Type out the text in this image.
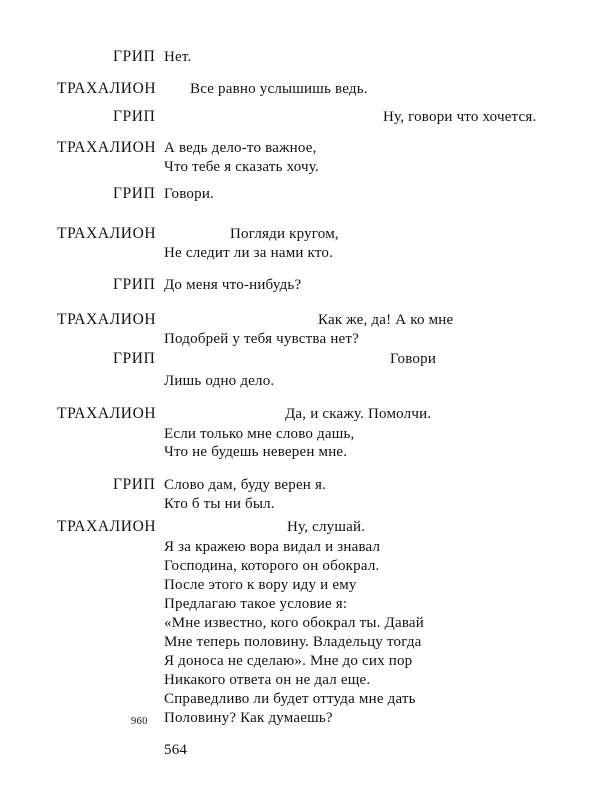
ГРИП
ТРАХАЛИОН
ГРИП
ТРАХАЛИОН
ГРИП
ТРАХАЛИОН
ГРИП
ТРАХАЛИОН
ГРИП
ТРАХАЛИОН
ГРИП
ТРАХАЛИОН
Нет.
Все равно услышишь ведь.
Ну, говори что хочется.
А ведь дело-то важное,
Что тебе я сказать хочу.
Говори.
Погляди кругом,
Не следит ли за нами кто.
До меня что-нибудь?
Как же, да! А ко мне
Подобрей у тебя чувства нет?
Говори
Лишь одно дело.
Да, и скажу. Помолчи.
Если только мне слово дашь,
Что не будешь неверен мне.
Слово дам, буду верен я.
Кто б ты ни был.
Ну, слушай.
Я за кражею вора видал и знавал
Господина, которого он обокрал.
После этого к вору иду и ему
Предлагаю такое условие я:
«Мне известно, кого обокрал ты. Давай
Мне теперь половину. Владельцу тогда
Я доноса не сделаю». Мне до сих пор
Никакого ответа он не дал еще.
Справедливо ли будет оттуда мне дать
Половину? Как думаешь?
960
564
